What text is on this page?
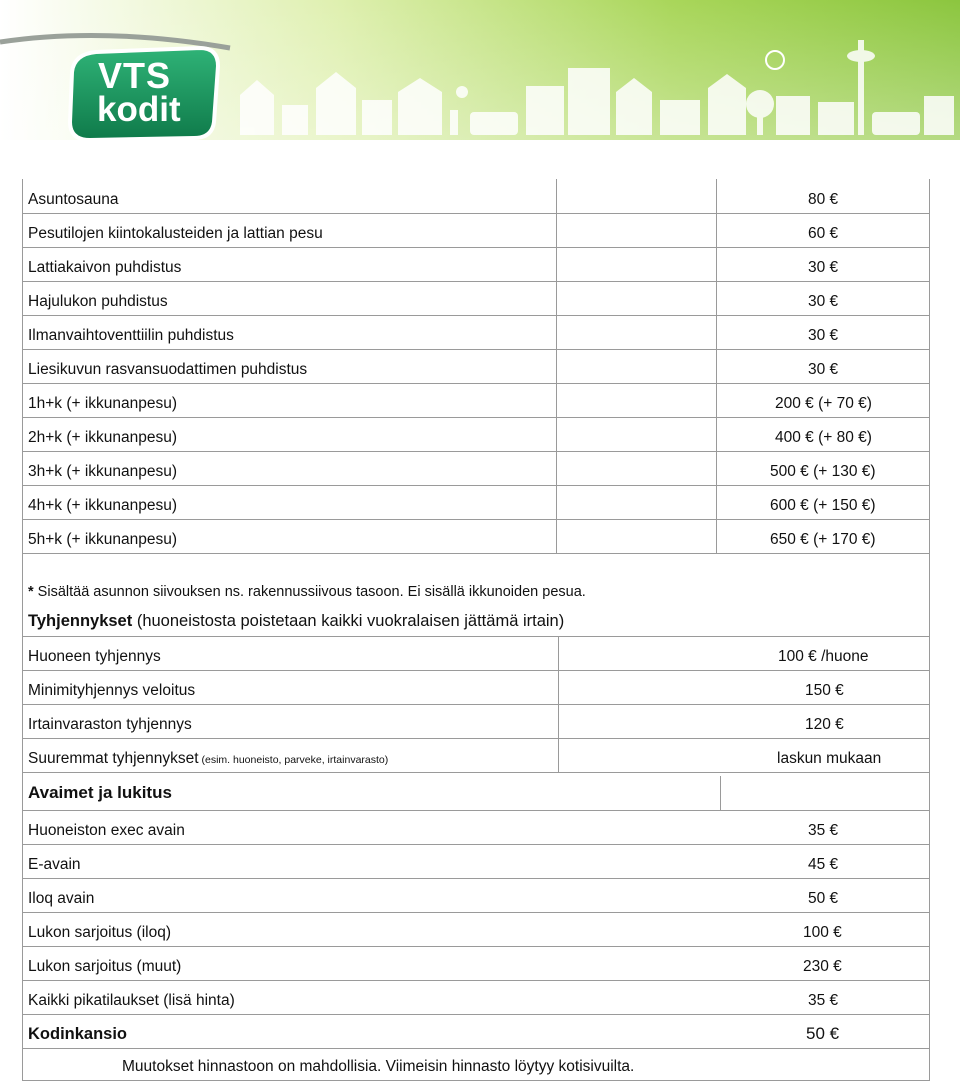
VTS
kodit
Asuntosauna	80 €
Pesutilojen kiintokalusteiden ja lattian pesu	60 €
Lattiakaivon puhdistus	30 €
Hajulukon puhdistus	30 €
Ilmanvaihtoventtiilin puhdistus	30 €
Liesikuvun rasvansuodattimen puhdistus	30 €
1h+k (+ ikkunanpesu)	200 € (+ 70 €)
2h+k (+ ikkunanpesu)	400 € (+ 80 €)
3h+k (+ ikkunanpesu)	500 € (+ 130 €)
4h+k (+ ikkunanpesu)	600 € (+ 150 €)
5h+k (+ ikkunanpesu)	650 € (+ 170 €)
* Sisältää asunnon siivouksen ns. rakennussiivous tasoon. Ei sisällä ikkunoiden pesua.
Tyhjennykset (huoneistosta poistetaan kaikki vuokralaisen jättämä irtain)
Huoneen tyhjennys	100 € /huone
Minimityhjennys veloitus	150 €
Irtainvaraston tyhjennys	120 €
Suuremmat tyhjennykset (esim. huoneisto, parveke, irtainvarasto)	laskun mukaan
Avaimet ja lukitus
Huoneiston exec avain	35 €
E-avain	45 €
Iloq avain	50 €
Lukon sarjoitus (iloq)	100 €
Lukon sarjoitus (muut)	230 €
Kaikki pikatilaukset (lisä hinta)	35 €
Kodinkansio	50 €
Muutokset hinnastoon on mahdollisia. Viimeisin hinnasto löytyy kotisivuilta.
